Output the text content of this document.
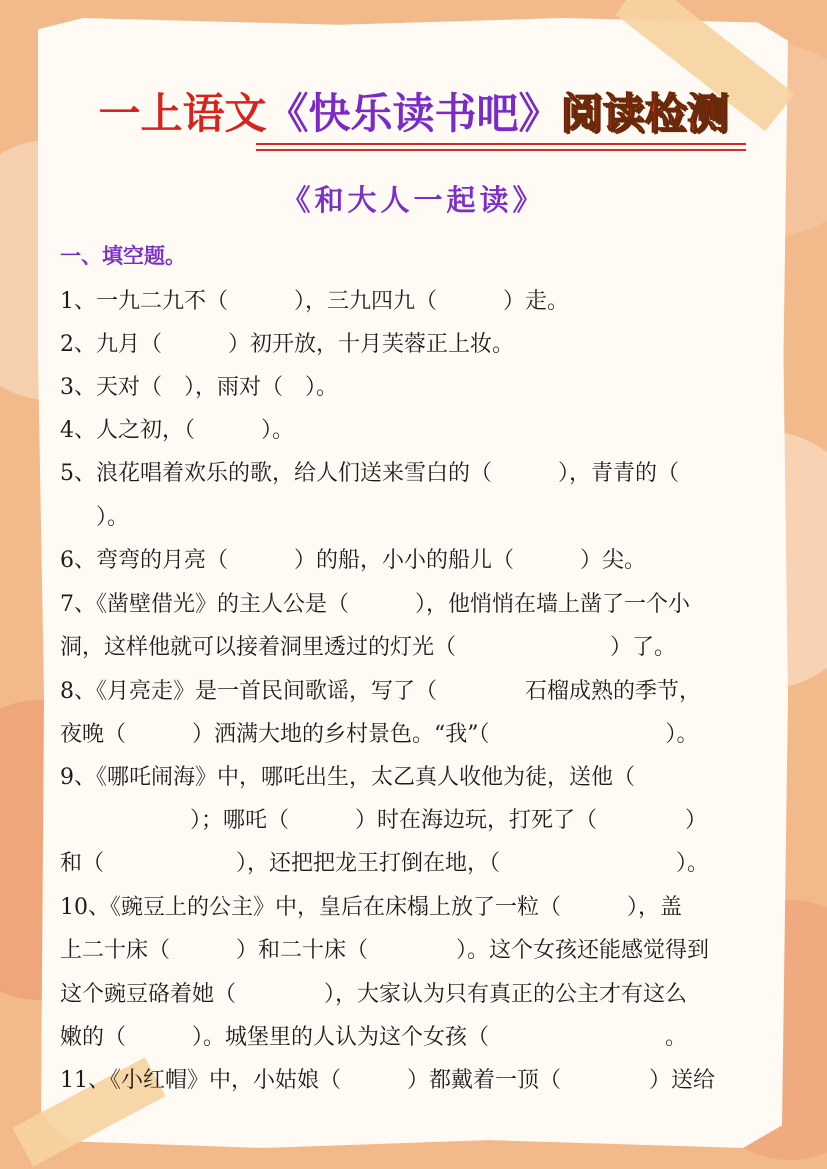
一上语文《快乐读书吧》阅读检测
《和大人一起读》
一、填空题。
1、一九二九不（　　　），三九四九（　　　）走。
2、九月（　　　）初开放，十月芙蓉正上妆。
3、天对（　），雨对（　）。
4、人之初，（　　　）。
5、浪花唱着欢乐的歌，给人们送来雪白的（　　　），青青的（
）。
6、弯弯的月亮（　　　）的船，小小的船儿（　　　）尖。
7、《凿壁借光》的主人公是（　　　），他悄悄在墙上凿了一个小
洞，这样他就可以接着洞里透过的灯光（　　　　　　　）了。
8、《月亮走》是一首民间歌谣，写了（　　　　石榴成熟的季节，
夜晚（　　　）洒满大地的乡村景色。“我”（　　　　　　　　）。
9、《哪吒闹海》中，哪吒出生，太乙真人收他为徒，送他（
）；哪吒（　　　）时在海边玩，打死了（　　　　）
和（　　　　　　），还把把龙王打倒在地，（　　　　　　　　）。
10、《豌豆上的公主》中，皇后在床榻上放了一粒（　　　），盖
上二十床（　　　）和二十床（　　　　）。这个女孩还能感觉得到
这个豌豆硌着她（　　　　），大家认为只有真正的公主才有这么
嫩的（　　　）。城堡里的人认为这个女孩（　　　　　　　　。
11、《小红帽》中，小姑娘（　　　）都戴着一顶（　　　　）送给
